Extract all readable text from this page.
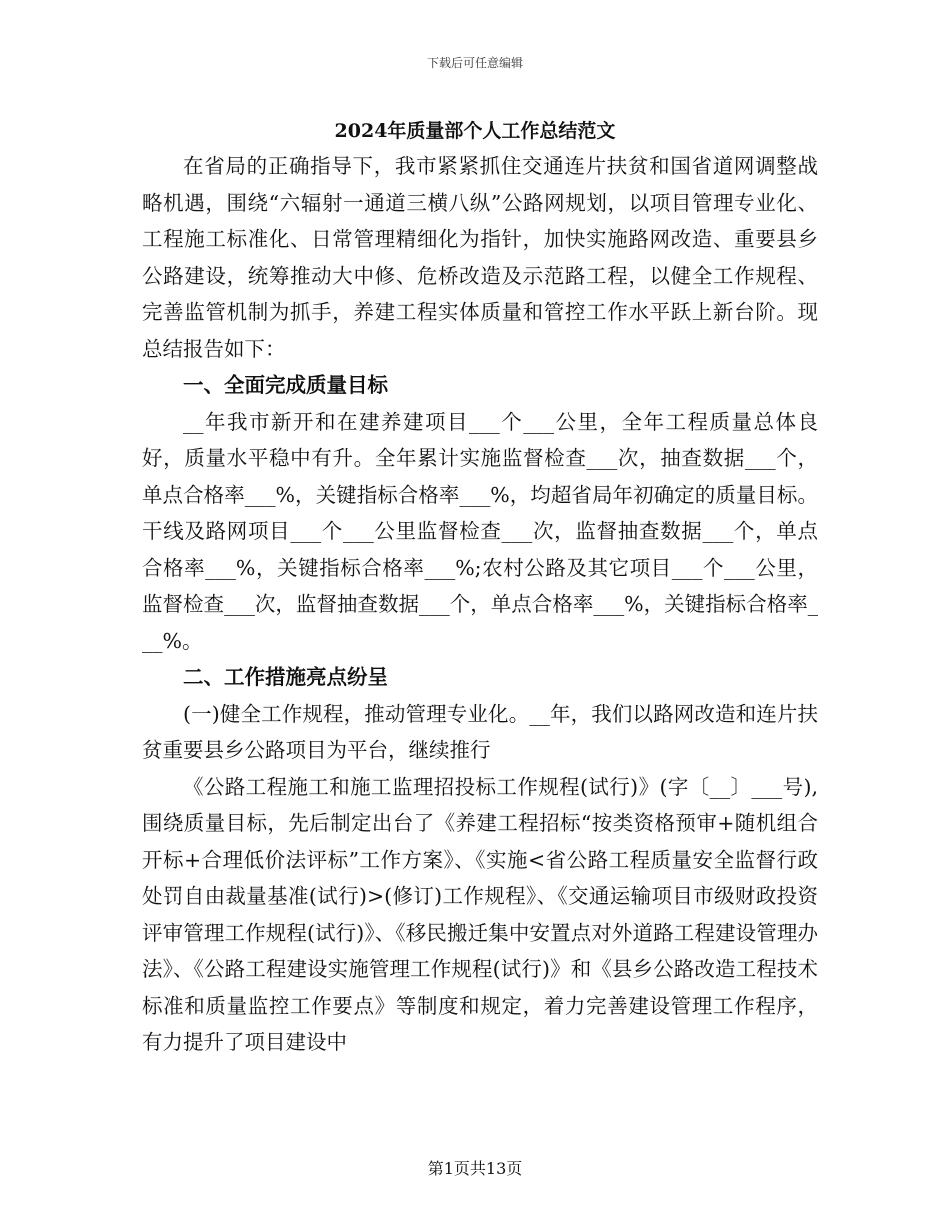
下载后可任意编辑
2024年质量部个人工作总结范文

在省局的正确指导下，我市紧紧抓住交通连片扶贫和国省道网调整战略机遇，围绕“六辐射一通道三横八纵”公路网规划，以项目管理专业化、工程施工标准化、日常管理精细化为指针，加快实施路网改造、重要县乡公路建设，统筹推动大中修、危桥改造及示范路工程，以健全工作规程、完善监管机制为抓手，养建工程实体质量和管控工作水平跃上新台阶。现总结报告如下：

一、全面完成质量目标

__年我市新开和在建养建项目___个___公里，全年工程质量总体良好，质量水平稳中有升。全年累计实施监督检查___次，抽查数据___个，单点合格率___%，关键指标合格率___%，均超省局年初确定的质量目标。干线及路网项目___个___公里监督检查___次，监督抽查数据___个，单点合格率___%，关键指标合格率___%;农村公路及其它项目___个___公里，监督检查___次，监督抽查数据___个，单点合格率___%，关键指标合格率___%。

二、工作措施亮点纷呈

(一)健全工作规程，推动管理专业化。__年，我们以路网改造和连片扶贫重要县乡公路项目为平台，继续推行

《公路工程施工和施工监理招投标工作规程(试行)》(字〔__〕___号),围绕质量目标，先后制定出台了《养建工程招标“按类资格预审+随机组合开标+合理低价法评标”工作方案》、《实施<省公路工程质量安全监督行政处罚自由裁量基准(试行)>(修订)工作规程》、《交通运输项目市级财政投资评审管理工作规程(试行)》、《移民搬迁集中安置点对外道路工程建设管理办法》、《公路工程建设实施管理工作规程(试行)》和《县乡公路改造工程技术标准和质量监控工作要点》等制度和规定，着力完善建设管理工作程序，有力提升了项目建设中

第1页共13页
